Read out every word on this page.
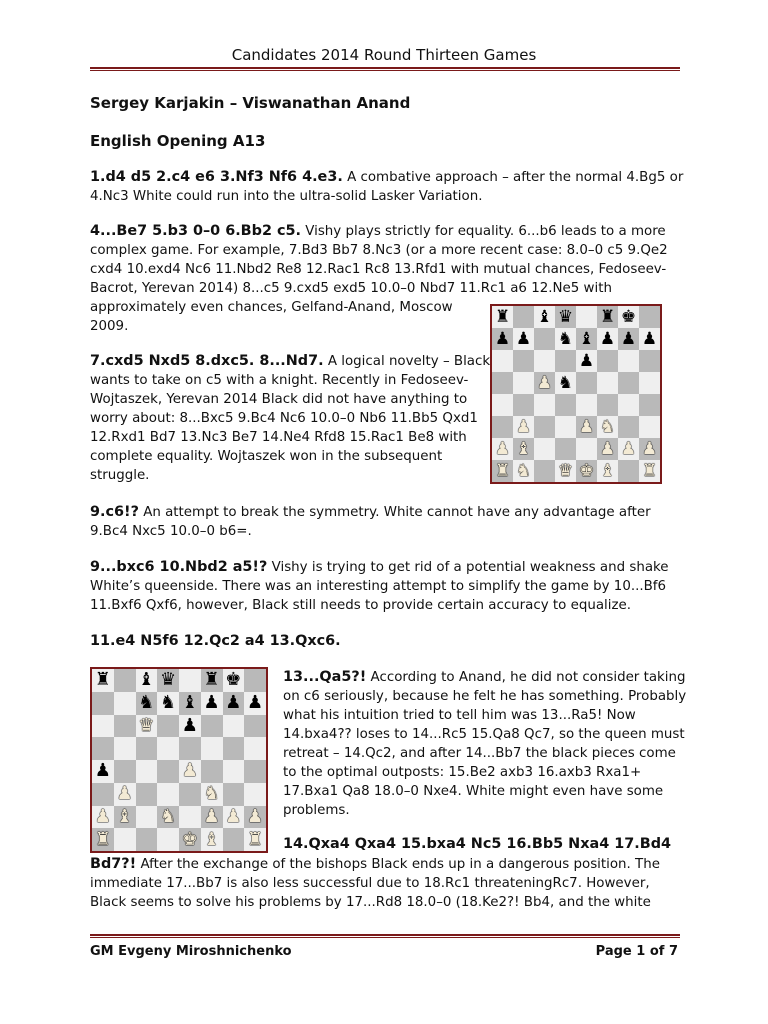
Candidates 2014 Round Thirteen Games
Sergey Karjakin – Viswanathan Anand
English Opening A13
1.d4 d5 2.c4 e6 3.Nf3 Nf6 4.e3. A combative approach – after the normal 4.Bg5 or
4.Nc3 White could run into the ultra-solid Lasker Variation.
4...Be7 5.b3 0–0 6.Bb2 c5. Vishy plays strictly for equality. 6...b6 leads to a more
complex game. For example, 7.Bd3 Bb7 8.Nc3 (or a more recent case: 8.0–0 c5 9.Qe2
cxd4 10.exd4 Nc6 11.Nbd2 Re8 12.Rac1 Rc8 13.Rfd1 with mutual chances, Fedoseev-
Bacrot, Yerevan 2014) 8...c5 9.cxd5 exd5 10.0–0 Nbd7 11.Rc1 a6 12.Ne5 with
approximately even chances, Gelfand-Anand, Moscow
2009.
7.cxd5 Nxd5 8.dxc5. 8...Nd7. A logical novelty – Black
wants to take on c5 with a knight. Recently in Fedoseev-
Wojtaszek, Yerevan 2014 Black did not have anything to
worry about: 8...Bxc5 9.Bc4 Nc6 10.0–0 Nb6 11.Bb5 Qxd1
12.Rxd1 Bd7 13.Nc3 Be7 14.Ne4 Rfd8 15.Rac1 Be8 with
complete equality. Wojtaszek won in the subsequent
struggle.
9.c6!? An attempt to break the symmetry. White cannot have any advantage after
9.Bc4 Nxc5 10.0–0 b6=.
9...bxc6 10.Nbd2 a5!? Vishy is trying to get rid of a potential weakness and shake
White’s queenside. There was an interesting attempt to simplify the game by 10...Bf6
11.Bxf6 Qxf6, however, Black still needs to provide certain accuracy to equalize.
11.e4 N5f6 12.Qc2 a4 13.Qxc6.
13...Qa5?! According to Anand, he did not consider taking
on c6 seriously, because he felt he has something. Probably
what his intuition tried to tell him was 13...Ra5! Now
14.bxa4?? loses to 14...Rc5 15.Qa8 Qc7, so the queen must
retreat – 14.Qc2, and after 14...Bb7 the black pieces come
to the optimal outposts: 15.Be2 axb3 16.axb3 Rxa1+
17.Bxa1 Qa8 18.0–0 Nxe4. White might even have some
problems.
14.Qxa4 Qxa4 15.bxa4 Nc5 16.Bb5 Nxa4 17.Bd4
Bd7?! After the exchange of the bishops Black ends up in a dangerous position. The
immediate 17...Bb7 is also less successful due to 18.Rc1 threateningRc7. However,
Black seems to solve his problems by 17...Rd8 18.0–0 (18.Ke2?! Bb4, and the white
♜ ♝ ♛ ♜ ♚
♟ ♟ ♞ ♝ ♟ ♟ ♟
♟
♟ ♞
♟	♟ ♞
♟ ♝	♟ ♟ ♟
♜ ♞ ♛ ♚ ♝ ♜
♜ ♝ ♛ ♜ ♚
♞ ♞ ♝ ♟ ♟ ♟
♛ ♟
♟	♟
♟	♞
♟ ♝ ♞ ♟ ♟ ♟
♜	♚ ♝ ♜
GM Evgeny Miroshnichenko	Page 1 of 7
